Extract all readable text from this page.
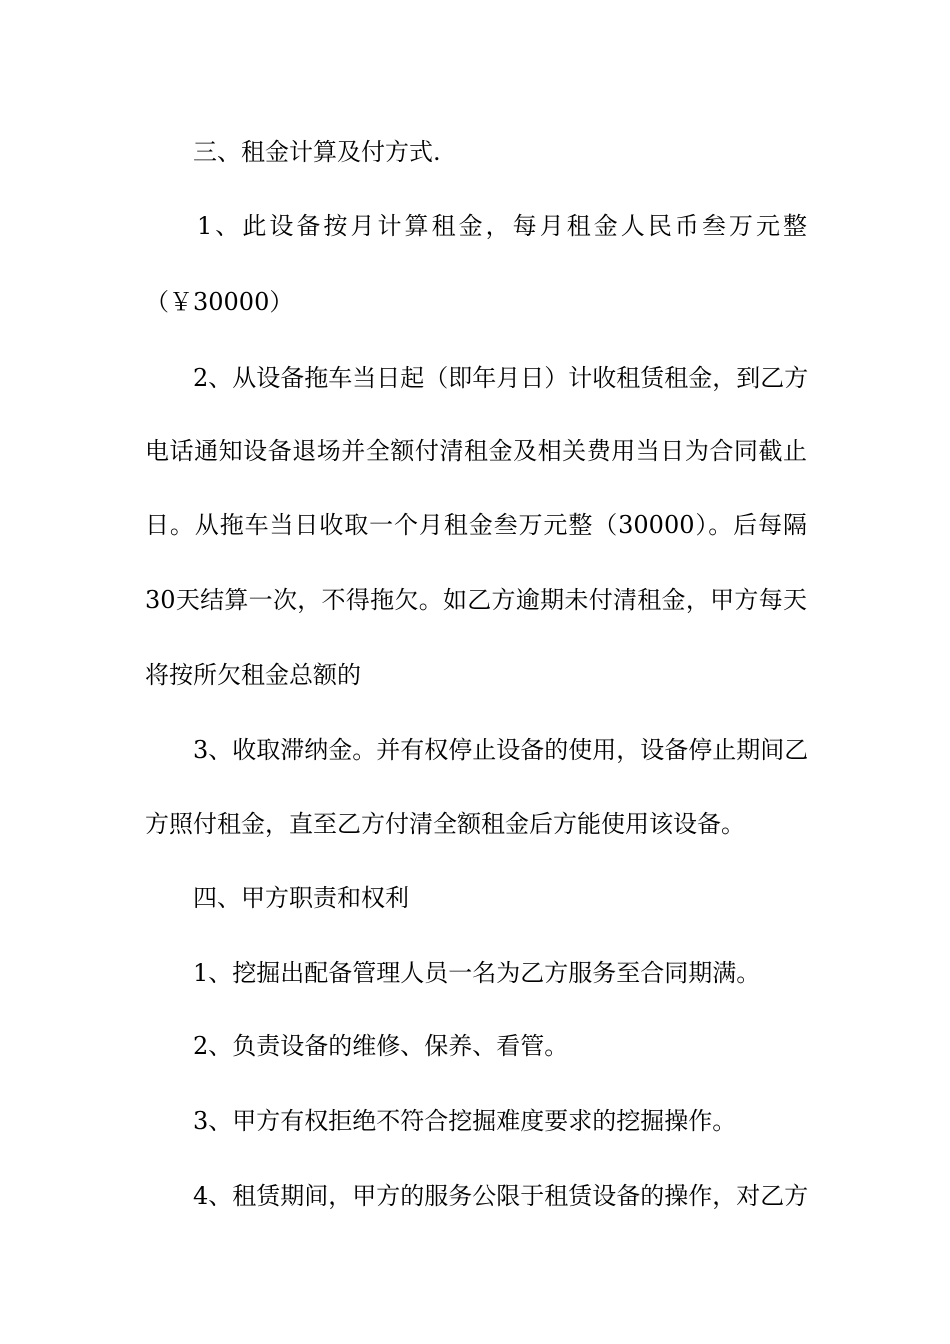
三、租金计算及付方式.

1、此设备按月计算租金，每月租金人民币叁万元整

（￥30000）

2、从设备拖车当日起（即年月日）计收租赁租金，到乙方

电话通知设备退场并全额付清租金及相关费用当日为合同截止

日。从拖车当日收取一个月租金叁万元整（30000）。后每隔

30天结算一次，不得拖欠。如乙方逾期未付清租金，甲方每天

将按所欠租金总额的

3、收取滞纳金。并有权停止设备的使用，设备停止期间乙

方照付租金，直至乙方付清全额租金后方能使用该设备。

四、甲方职责和权利

1、挖掘出配备管理人员一名为乙方服务至合同期满。

2、负责设备的维修、保养、看管。

3、甲方有权拒绝不符合挖掘难度要求的挖掘操作。

4、租赁期间，甲方的服务公限于租赁设备的操作，对乙方
